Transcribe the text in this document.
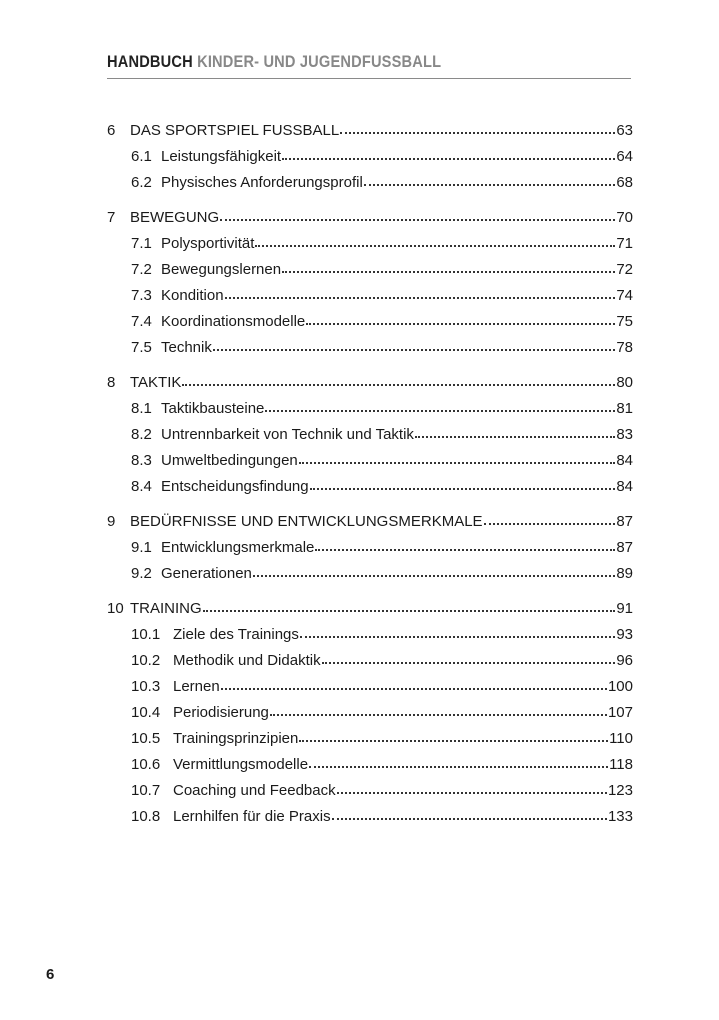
HANDBUCH KINDER- UND JUGENDFUSSBALL
6 DAS SPORTSPIEL FUSSBALL	63
6.1 Leistungsfähigkeit	64
6.2 Physisches Anforderungsprofil	68
7 BEWEGUNG	70
7.1 Polysportivität	71
7.2 Bewegungslernen	72
7.3 Kondition	74
7.4 Koordinationsmodelle	75
7.5 Technik	78
8 TAKTIK	80
8.1 Taktikbausteine	81
8.2 Untrennbarkeit von Technik und Taktik	83
8.3 Umweltbedingungen	84
8.4 Entscheidungsfindung	84
9 BEDÜRFNISSE UND ENTWICKLUNGSMERKMALE	87
9.1 Entwicklungsmerkmale	87
9.2 Generationen	89
10 TRAINING	91
10.1 Ziele des Trainings	93
10.2 Methodik und Didaktik	96
10.3 Lernen	100
10.4 Periodisierung	107
10.5 Trainingsprinzipien	110
10.6 Vermittlungsmodelle	118
10.7 Coaching und Feedback	123
10.8 Lernhilfen für die Praxis	133
6
